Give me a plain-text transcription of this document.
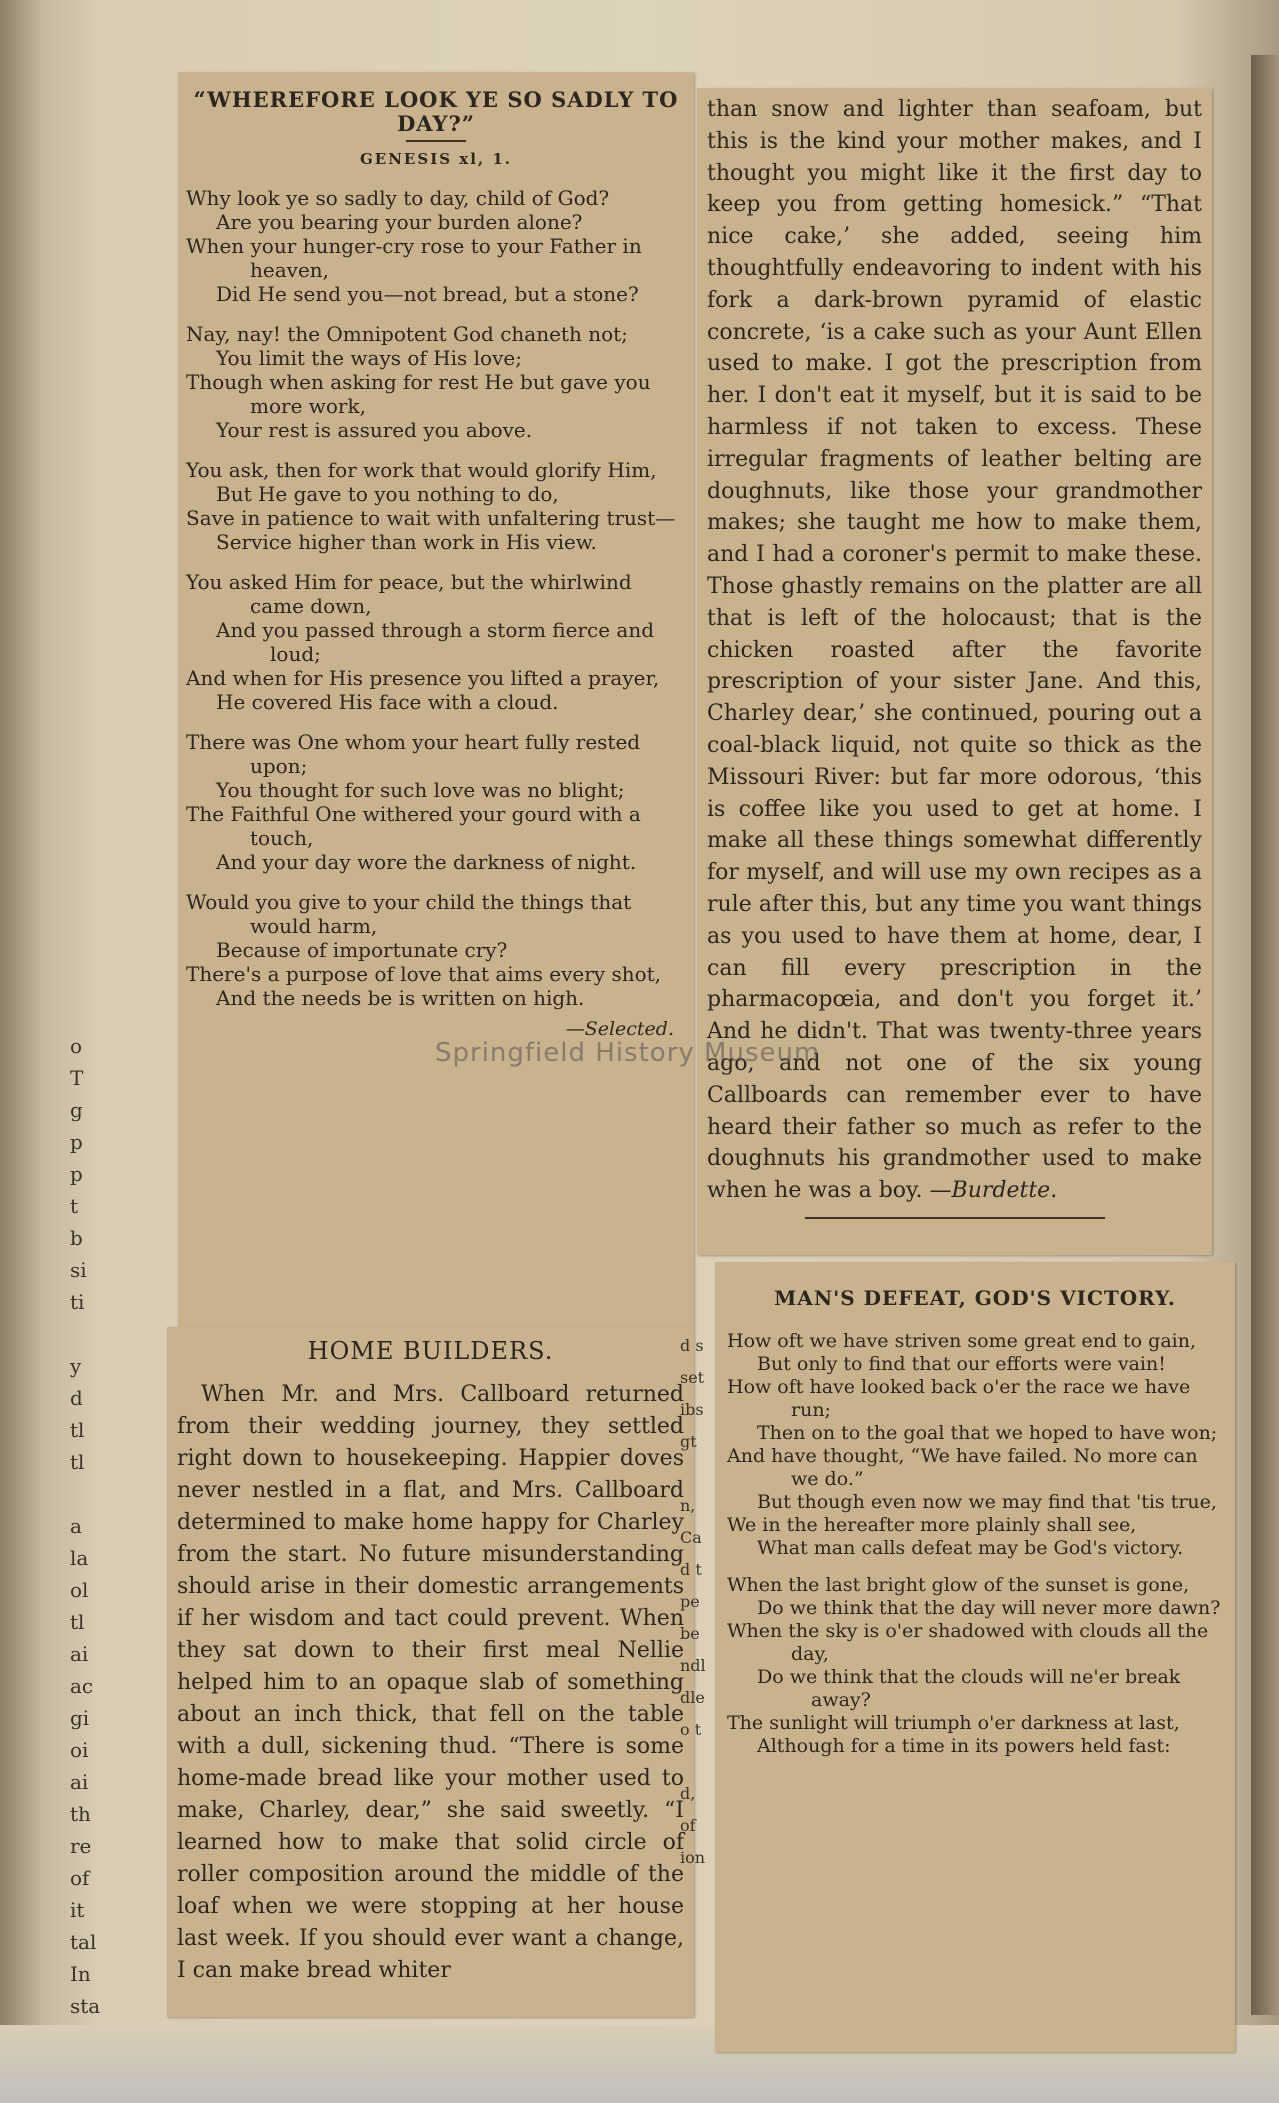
o
T
g
p
p
t
b
si
ti

y
d
tl
tl

a
la
ol
tl
ai
ac
gi
oi
ai
th
re
of
it
tal
In
sta
“WHEREFORE LOOK YE SO SADLY TO DAY?”
GENESIS xl, 1.
Why look ye so sadly to day, child of God?
Are you bearing your burden alone?
When your hunger-cry rose to your Father in heaven,
Did He send you—not bread, but a stone?
Nay, nay! the Omnipotent God chaneth not;
You limit the ways of His love;
Though when asking for rest He but gave you more work,
Your rest is assured you above.
You ask, then for work that would glorify Him,
But He gave to you nothing to do,
Save in patience to wait with unfaltering trust—
Service higher than work in His view.
You asked Him for peace, but the whirlwind came down,
And you passed through a storm fierce and loud;
And when for His presence you lifted a prayer,
He covered His face with a cloud.
There was One whom your heart fully rested upon;
You thought for such love was no blight;
The Faithful One withered your gourd with a touch,
And your day wore the darkness of night.
Would you give to your child the things that would harm,
Because of importunate cry?
There's a purpose of love that aims every shot,
And the needs be is written on high.
—Selected.
HOME BUILDERS.

When Mr. and Mrs. Callboard returned from their wedding journey, they settled right down to housekeeping. Happier doves never nestled in a flat, and Mrs. Callboard determined to make home happy for Charley from the start. No future misunderstanding should arise in their domestic arrangements if her wisdom and tact could prevent. When they sat down to their first meal Nellie helped him to an opaque slab of something about an inch thick, that fell on the table with a dull, sickening thud. “There is some home-made bread like your mother used to make, Charley, dear,” she said sweetly. “I learned how to make that solid circle of roller composition around the middle of the loaf when we were stopping at her house last week. If you should ever want a change, I can make bread whiter

d s
set
ibs
gt

n,
Ca
d t
pe
be
ndl
dle
o t

d,
of
ion

than snow and lighter than seafoam, but this is the kind your mother makes, and I thought you might like it the first day to keep you from getting homesick.” “That nice cake,’ she added, seeing him thoughtfully endeavoring to indent with his fork a dark-brown pyramid of elastic concrete, ‘is a cake such as your Aunt Ellen used to make. I got the prescription from her. I don't eat it myself, but it is said to be harmless if not taken to excess. These irregular fragments of leather belting are doughnuts, like those your grandmother makes; she taught me how to make them, and I had a coroner's permit to make these. Those ghastly remains on the platter are all that is left of the holocaust; that is the chicken roasted after the favorite prescription of your sister Jane. And this, Charley dear,’ she continued, pouring out a coal-black liquid, not quite so thick as the Missouri River: but far more odorous, ‘this is coffee like you used to get at home. I make all these things somewhat differently for myself, and will use my own recipes as a rule after this, but any time you want things as you used to have them at home, dear, I can fill every prescription in the pharmacopœia, and don't you forget it.’ And he didn't. That was twenty-three years ago, and not one of the six young Callboards can remember ever to have heard their father so much as refer to the doughnuts his grandmother used to make when he was a boy. —Burdette.

MAN'S DEFEAT, GOD'S VICTORY.
How oft we have striven some great end to gain,
But only to find that our efforts were vain!
How oft have looked back o'er the race we have run;
Then on to the goal that we hoped to have won;
And have thought, “We have failed. No more can we do.”
But though even now we may find that 'tis true,
We in the hereafter more plainly shall see,
What man calls defeat may be God's victory.
When the last bright glow of the sunset is gone,
Do we think that the day will never more dawn?
When the sky is o'er shadowed with clouds all the day,
Do we think that the clouds will ne'er break away?
The sunlight will triumph o'er darkness at last,
Although for a time in its powers held fast:
Springfield History Museum
